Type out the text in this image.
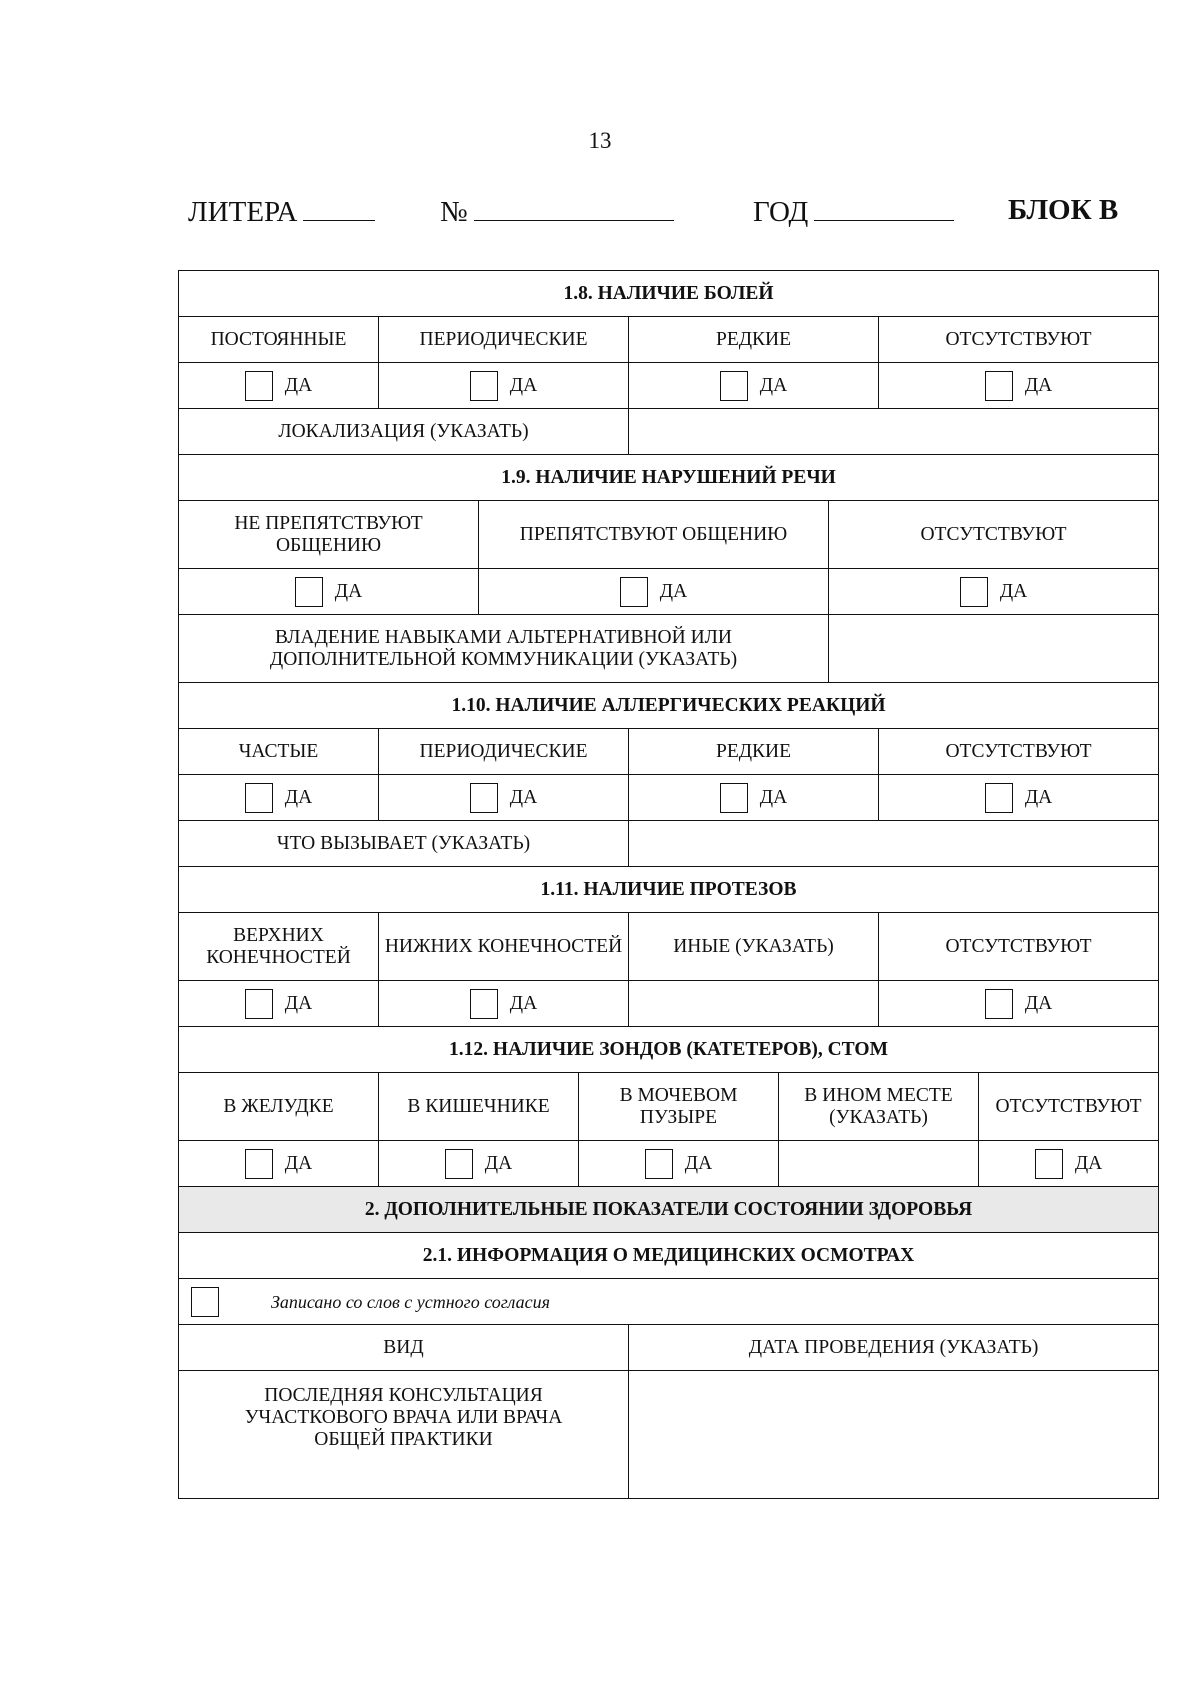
13
ЛИТЕРА	№	ГОД	БЛОК В
1.8. НАЛИЧИЕ БОЛЕЙ								
ПОСТОЯННЫЕ	ПЕРИОДИЧЕСКИЕ			РЕДКИЕ			ОТСУТСТВУЮТ	
ДА	ДА			ДА			ДА	
ЛОКАЛИЗАЦИЯ (УКАЗАТЬ)								
1.9. НАЛИЧИЕ НАРУШЕНИЙ РЕЧИ								
НЕ ПРЕПЯТСТВУЮТ ОБЩЕНИЮ		ПРЕПЯТСТВУЮТ ОБЩЕНИЮ				ОТСУТСТВУЮТ		
ДА		ДА				ДА		
ВЛАДЕНИЕ НАВЫКАМИ АЛЬТЕРНАТИВНОЙ ИЛИ ДОПОЛНИТЕЛЬНОЙ КОММУНИКАЦИИ (УКАЗАТЬ)								
1.10. НАЛИЧИЕ АЛЛЕРГИЧЕСКИХ РЕАКЦИЙ								
ЧАСТЫЕ	ПЕРИОДИЧЕСКИЕ			РЕДКИЕ			ОТСУТСТВУЮТ	
ДА	ДА			ДА			ДА	
ЧТО ВЫЗЫВАЕТ (УКАЗАТЬ)								
1.11. НАЛИЧИЕ ПРОТЕЗОВ								
ВЕРХНИХ КОНЕЧНОСТЕЙ	НИЖНИХ КОНЕЧНОСТЕЙ			ИНЫЕ (УКАЗАТЬ)			ОТСУТСТВУЮТ	
ДА	ДА						ДА	
1.12. НАЛИЧИЕ ЗОНДОВ (КАТЕТЕРОВ), СТОМ								
В ЖЕЛУДКЕ	В КИШЕЧНИКЕ		В МОЧЕВОМ ПУЗЫРЕ		В ИНОМ МЕСТЕ (УКАЗАТЬ)			ОТСУТСТВУЮТ
ДА	ДА		ДА					ДА
2. ДОПОЛНИТЕЛЬНЫЕ ПОКАЗАТЕЛИ СОСТОЯНИИ ЗДОРОВЬЯ								
2.1. ИНФОРМАЦИЯ О МЕДИЦИНСКИХ ОСМОТРАХ								
Записано со слов с устного согласия								
ВИД				ДАТА ПРОВЕДЕНИЯ (УКАЗАТЬ)				
ПОСЛЕДНЯЯ КОНСУЛЬТАЦИЯ УЧАСТКОВОГО ВРАЧА ИЛИ ВРАЧА ОБЩЕЙ ПРАКТИКИ								
